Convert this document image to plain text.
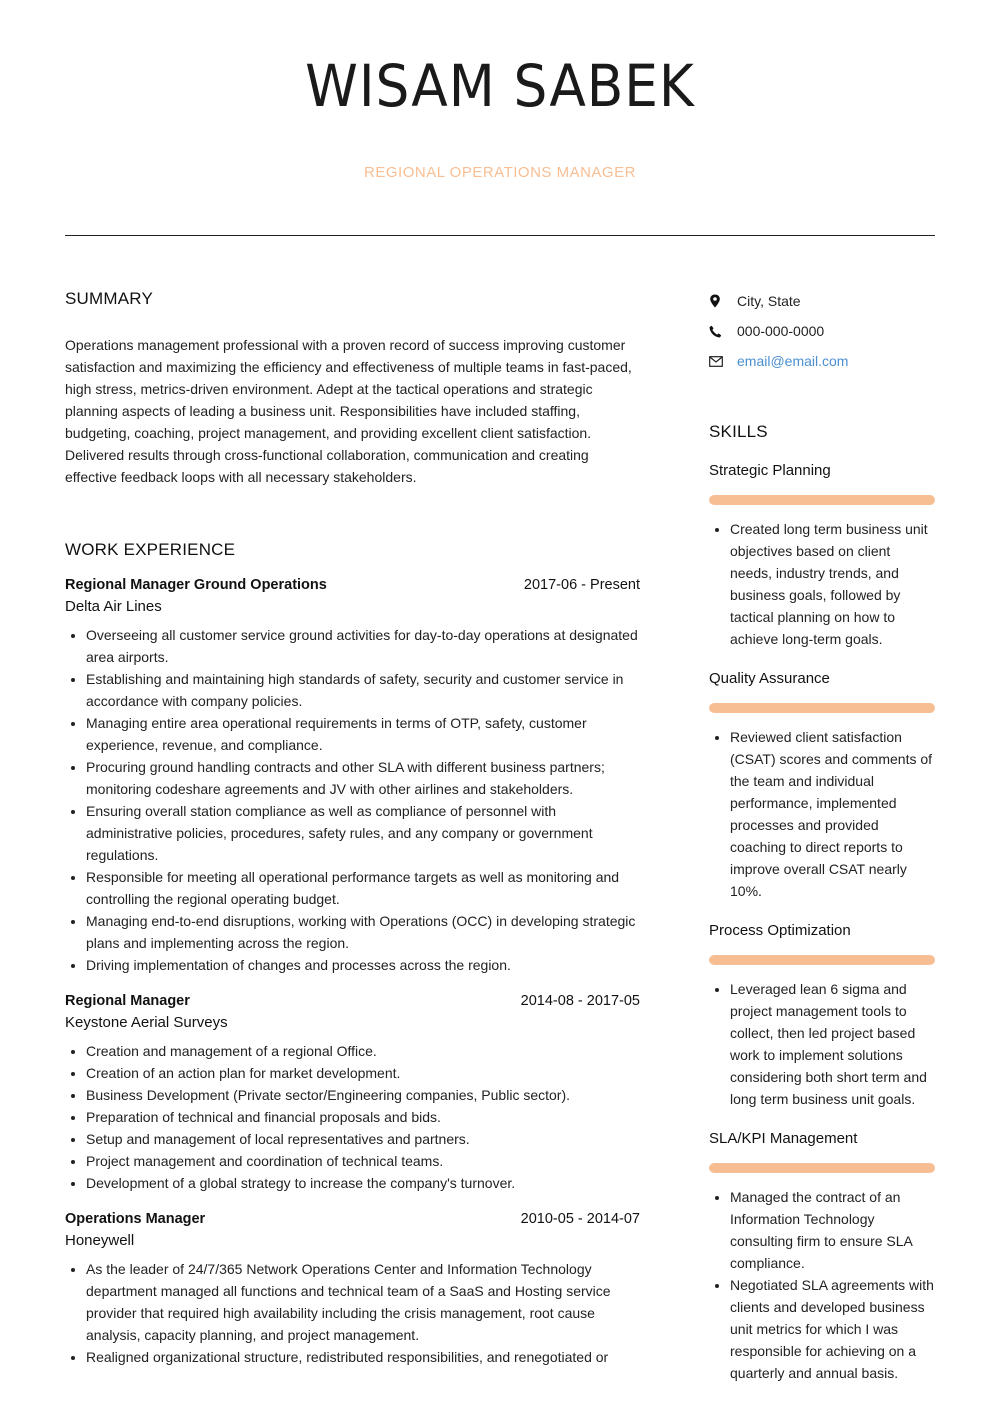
WISAM SABEK
REGIONAL OPERATIONS MANAGER
SUMMARY

Operations management professional with a proven record of success improving customer satisfaction and maximizing the efficiency and effectiveness of multiple teams in fast-paced, high stress, metrics-driven environment. Adept at the tactical operations and strategic planning aspects of leading a business unit. Responsibilities have included staffing, budgeting, coaching, project management, and providing excellent client satisfaction. Delivered results through cross-functional collaboration, communication and creating effective feedback loops with all necessary stakeholders.

WORK EXPERIENCE
Regional Manager Ground Operations	2017-06 - Present
Delta Air Lines
• Overseeing all customer service ground activities for day-to-day operations at designated area airports.
• Establishing and maintaining high standards of safety, security and customer service in accordance with company policies.
• Managing entire area operational requirements in terms of OTP, safety, customer experience, revenue, and compliance.
• Procuring ground handling contracts and other SLA with different business partners; monitoring codeshare agreements and JV with other airlines and stakeholders.
• Ensuring overall station compliance as well as compliance of personnel with administrative policies, procedures, safety rules, and any company or government regulations.
• Responsible for meeting all operational performance targets as well as monitoring and controlling the regional operating budget.
• Managing end-to-end disruptions, working with Operations (OCC) in developing strategic plans and implementing across the region.
• Driving implementation of changes and processes across the region.
Regional Manager	2014-08 - 2017-05
Keystone Aerial Surveys
• Creation and management of a regional Office.
• Creation of an action plan for market development.
• Business Development (Private sector/Engineering companies, Public sector).
• Preparation of technical and financial proposals and bids.
• Setup and management of local representatives and partners.
• Project management and coordination of technical teams.
• Development of a global strategy to increase the company's turnover.
Operations Manager	2010-05 - 2014-07
Honeywell
• As the leader of 24/7/365 Network Operations Center and Information Technology department managed all functions and technical team of a SaaS and Hosting service provider that required high availability including the crisis management, root cause analysis, capacity planning, and project management.
• Realigned organizational structure, redistributed responsibilities, and renegotiated or
City, State
000-000-0000
email@email.com
SKILLS
Strategic Planning
• Created long term business unit objectives based on client needs, industry trends, and business goals, followed by tactical planning on how to achieve long-term goals.
Quality Assurance
• Reviewed client satisfaction (CSAT) scores and comments of the team and individual performance, implemented processes and provided coaching to direct reports to improve overall CSAT nearly 10%.
Process Optimization
• Leveraged lean 6 sigma and project management tools to collect, then led project based work to implement solutions considering both short term and long term business unit goals.
SLA/KPI Management
• Managed the contract of an Information Technology consulting firm to ensure SLA compliance.
• Negotiated SLA agreements with clients and developed business unit metrics for which I was responsible for achieving on a quarterly and annual basis.
